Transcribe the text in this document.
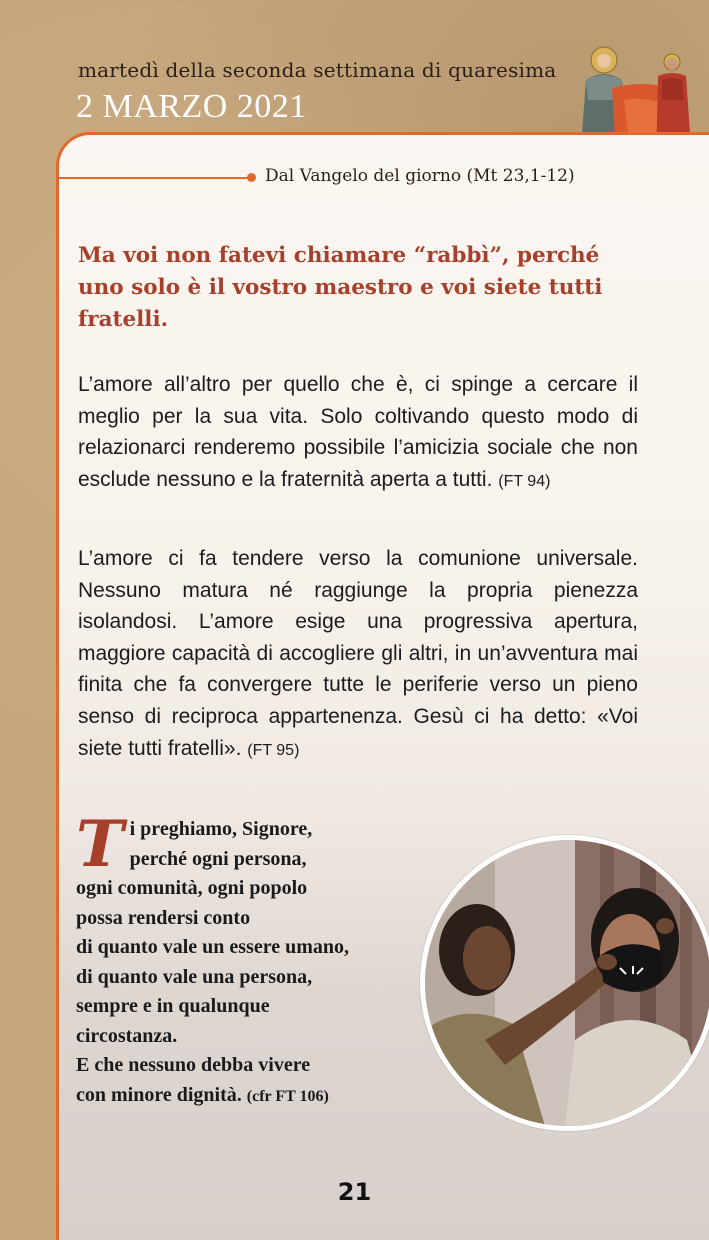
martedì della seconda settimana di quaresima
2 MARZO 2021
Dal Vangelo del giorno (Mt 23,1-12)
Ma voi non fatevi chiamare “rabbì”, perché uno solo è il vostro maestro e voi siete tutti fratelli.
L’amore all’altro per quello che è, ci spinge a cercare il meglio per la sua vita. Solo coltivando questo modo di relazionarci renderemo possibile l’amicizia sociale che non esclude nessuno e la fraternità aperta a tutti. (FT 94)
L’amore ci fa tendere verso la comunione universale. Nessuno matura né raggiunge la propria pienezza isolandosi. L’amore esige una progressiva apertura, maggiore capacità di accogliere gli altri, in un’avventura mai finita che fa convergere tutte le periferie verso un pieno senso di reciproca appartenenza. Gesù ci ha detto: «Voi siete tutti fratelli». (FT 95)
T i preghiamo, Signore,
perché ogni persona,
ogni comunità, ogni popolo
possa rendersi conto
di quanto vale un essere umano,
di quanto vale una persona,
sempre e in qualunque
circostanza.
E che nessuno debba vivere
con minore dignità. (cfr FT 106)
21
